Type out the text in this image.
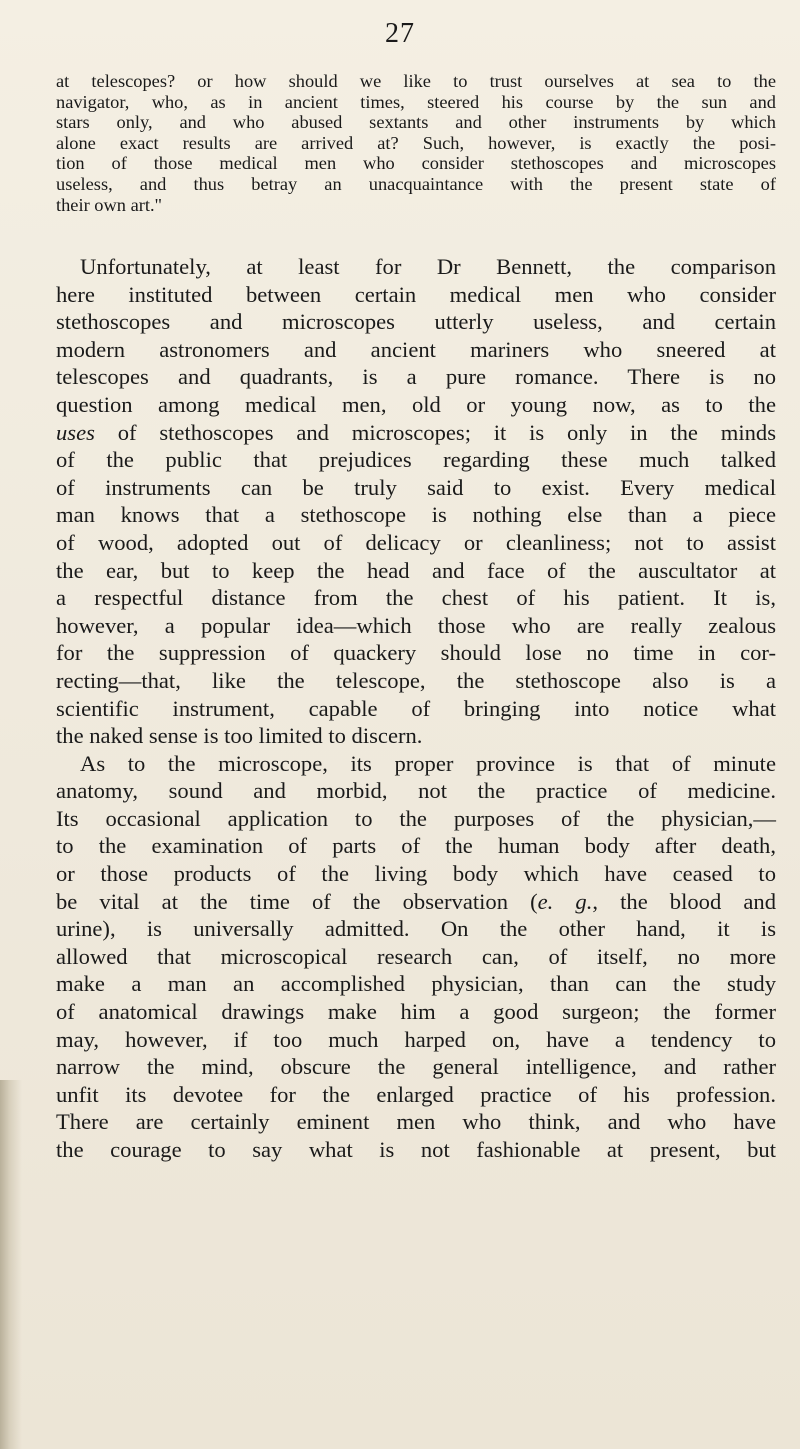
27
at telescopes? or how should we like to trust ourselves at sea to the
navigator, who, as in ancient times, steered his course by the sun and
stars only, and who abused sextants and other instruments by which
alone exact results are arrived at? Such, however, is exactly the posi-
tion of those medical men who consider stethoscopes and microscopes
useless, and thus betray an unacquaintance with the present state of
their own art."
Unfortunately, at least for Dr Bennett, the comparison
here instituted between certain medical men who consider
stethoscopes and microscopes utterly useless, and certain
modern astronomers and ancient mariners who sneered at
telescopes and quadrants, is a pure romance. There is no
question among medical men, old or young now, as to the
uses of stethoscopes and microscopes; it is only in the minds
of the public that prejudices regarding these much talked
of instruments can be truly said to exist. Every medical
man knows that a stethoscope is nothing else than a piece
of wood, adopted out of delicacy or cleanliness; not to assist
the ear, but to keep the head and face of the auscultator at
a respectful distance from the chest of his patient. It is,
however, a popular idea—which those who are really zealous
for the suppression of quackery should lose no time in cor-
recting—that, like the telescope, the stethoscope also is a
scientific instrument, capable of bringing into notice what
the naked sense is too limited to discern.
As to the microscope, its proper province is that of minute
anatomy, sound and morbid, not the practice of medicine.
Its occasional application to the purposes of the physician,—
to the examination of parts of the human body after death,
or those products of the living body which have ceased to
be vital at the time of the observation (e. g., the blood and
urine), is universally admitted. On the other hand, it is
allowed that microscopical research can, of itself, no more
make a man an accomplished physician, than can the study
of anatomical drawings make him a good surgeon; the former
may, however, if too much harped on, have a tendency to
narrow the mind, obscure the general intelligence, and rather
unfit its devotee for the enlarged practice of his profession.
There are certainly eminent men who think, and who have
the courage to say what is not fashionable at present, but
